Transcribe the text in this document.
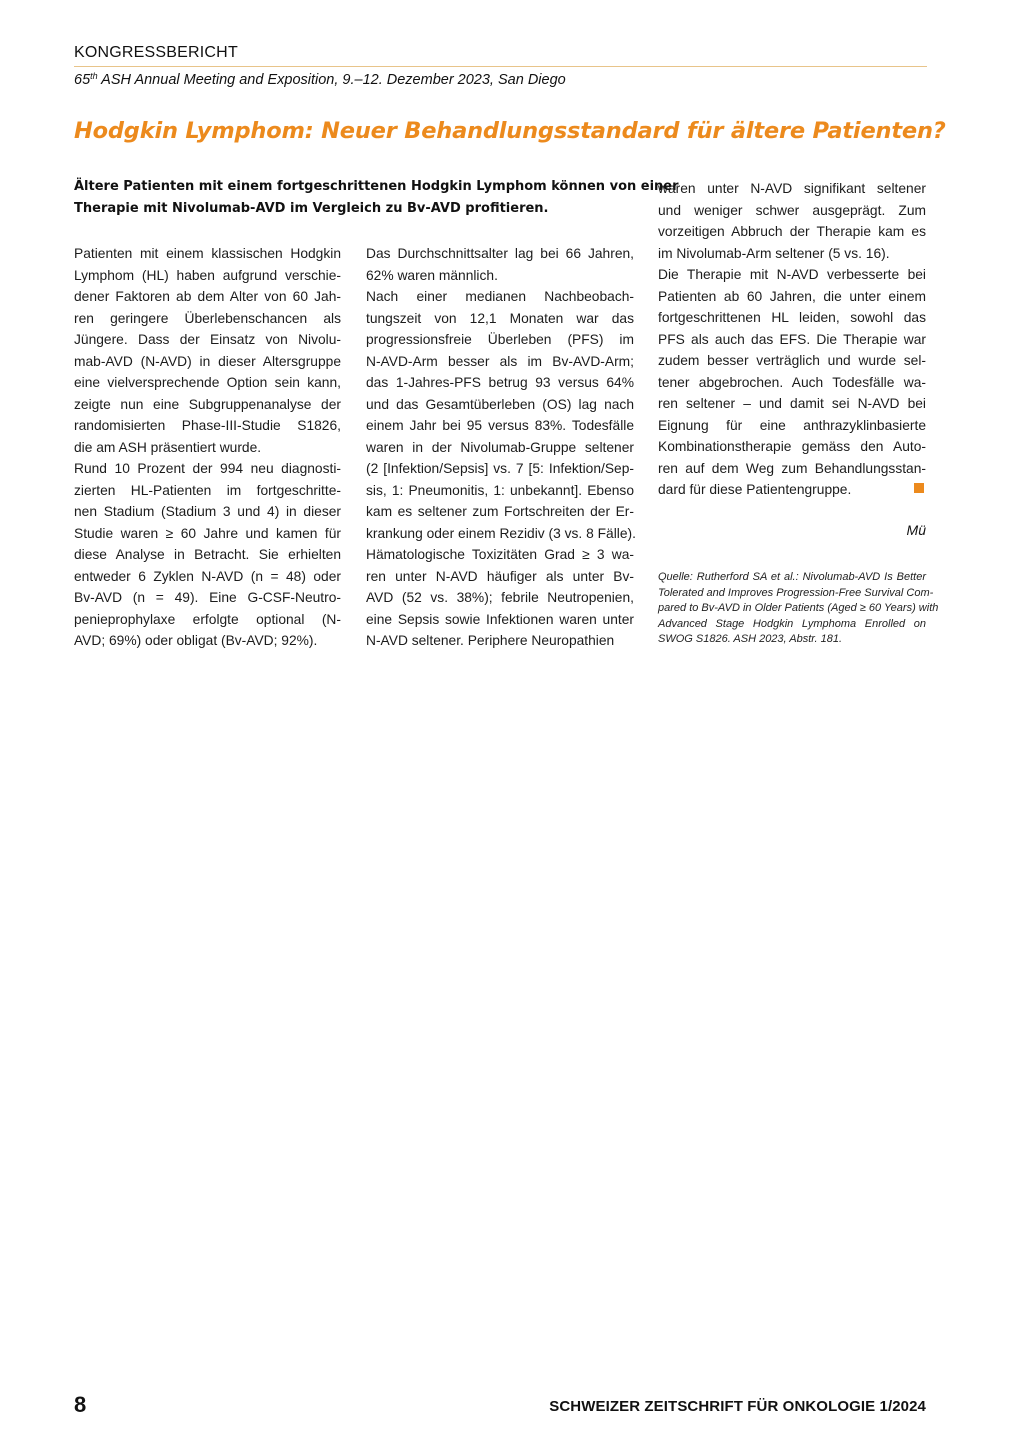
KONGRESSBERICHT
65th ASH Annual Meeting and Exposition, 9.–12. Dezember 2023, San Diego
Hodgkin Lymphom: Neuer Behandlungsstandard für ältere Patienten?
Ältere Patienten mit einem fortgeschrittenen Hodgkin Lymphom können von einer
Therapie mit Nivolumab-AVD im Vergleich zu Bv-AVD profitieren.
Patienten mit einem klassischen Hodgkin
Lymphom (HL) haben aufgrund verschie-
dener Faktoren ab dem Alter von 60 Jah-
ren geringere Überlebenschancen als
Jüngere. Dass der Einsatz von Nivolu-
mab-AVD (N-AVD) in dieser Altersgruppe
eine vielversprechende Option sein kann,
zeigte nun eine Subgruppenanalyse der
randomisierten Phase-III-Studie S1826,
die am ASH präsentiert wurde.
Rund 10 Prozent der 994 neu diagnosti-
zierten HL-Patienten im fortgeschritte-
nen Stadium (Stadium 3 und 4) in dieser
Studie waren ≥ 60 Jahre und kamen für
diese Analyse in Betracht. Sie erhielten
entweder 6 Zyklen N-AVD (n = 48) oder
Bv-AVD (n = 49). Eine G-CSF-Neutro-
penieprophylaxe erfolgte optional (N-
AVD; 69%) oder obligat (Bv-AVD; 92%).
Das Durchschnittsalter lag bei 66 Jahren,
62% waren männlich.
Nach einer medianen Nachbeobach-
tungszeit von 12,1 Monaten war das
progressionsfreie Überleben (PFS) im
N-AVD-Arm besser als im Bv-AVD-Arm;
das 1-Jahres-PFS betrug 93 versus 64%
und das Gesamtüberleben (OS) lag nach
einem Jahr bei 95 versus 83%. Todesfälle
waren in der Nivolumab-Gruppe seltener
(2 [Infektion/Sepsis] vs. 7 [5: Infektion/Sep-
sis, 1: Pneumonitis, 1: unbekannt]. Ebenso
kam es seltener zum Fortschreiten der Er-
krankung oder einem Rezidiv (3 vs. 8 Fälle).
Hämatologische Toxizitäten Grad ≥ 3 wa-
ren unter N-AVD häufiger als unter Bv-
AVD (52 vs. 38%); febrile Neutropenien,
eine Sepsis sowie Infektionen waren unter
N-AVD seltener. Periphere Neuropathien
waren unter N-AVD signifikant seltener
und weniger schwer ausgeprägt. Zum
vorzeitigen Abbruch der Therapie kam es
im Nivolumab-Arm seltener (5 vs. 16).
Die Therapie mit N-AVD verbesserte bei
Patienten ab 60 Jahren, die unter einem
fortgeschrittenen HL leiden, sowohl das
PFS als auch das EFS. Die Therapie war
zudem besser verträglich und wurde sel-
tener abgebrochen. Auch Todesfälle wa-
ren seltener – und damit sei N-AVD bei
Eignung für eine anthrazyklinbasierte
Kombinationstherapie gemäss den Auto-
ren auf dem Weg zum Behandlungsstan-
dard für diese Patientengruppe.
Mü
Quelle: Rutherford SA et al.: Nivolumab-AVD Is Better
Tolerated and Improves Progression-Free Survival Com-
pared to Bv-AVD in Older Patients (Aged ≥ 60 Years) with
Advanced Stage Hodgkin Lymphoma Enrolled on
SWOG S1826. ASH 2023, Abstr. 181.
8	SCHWEIZER ZEITSCHRIFT FÜR ONKOLOGIE 1/2024
